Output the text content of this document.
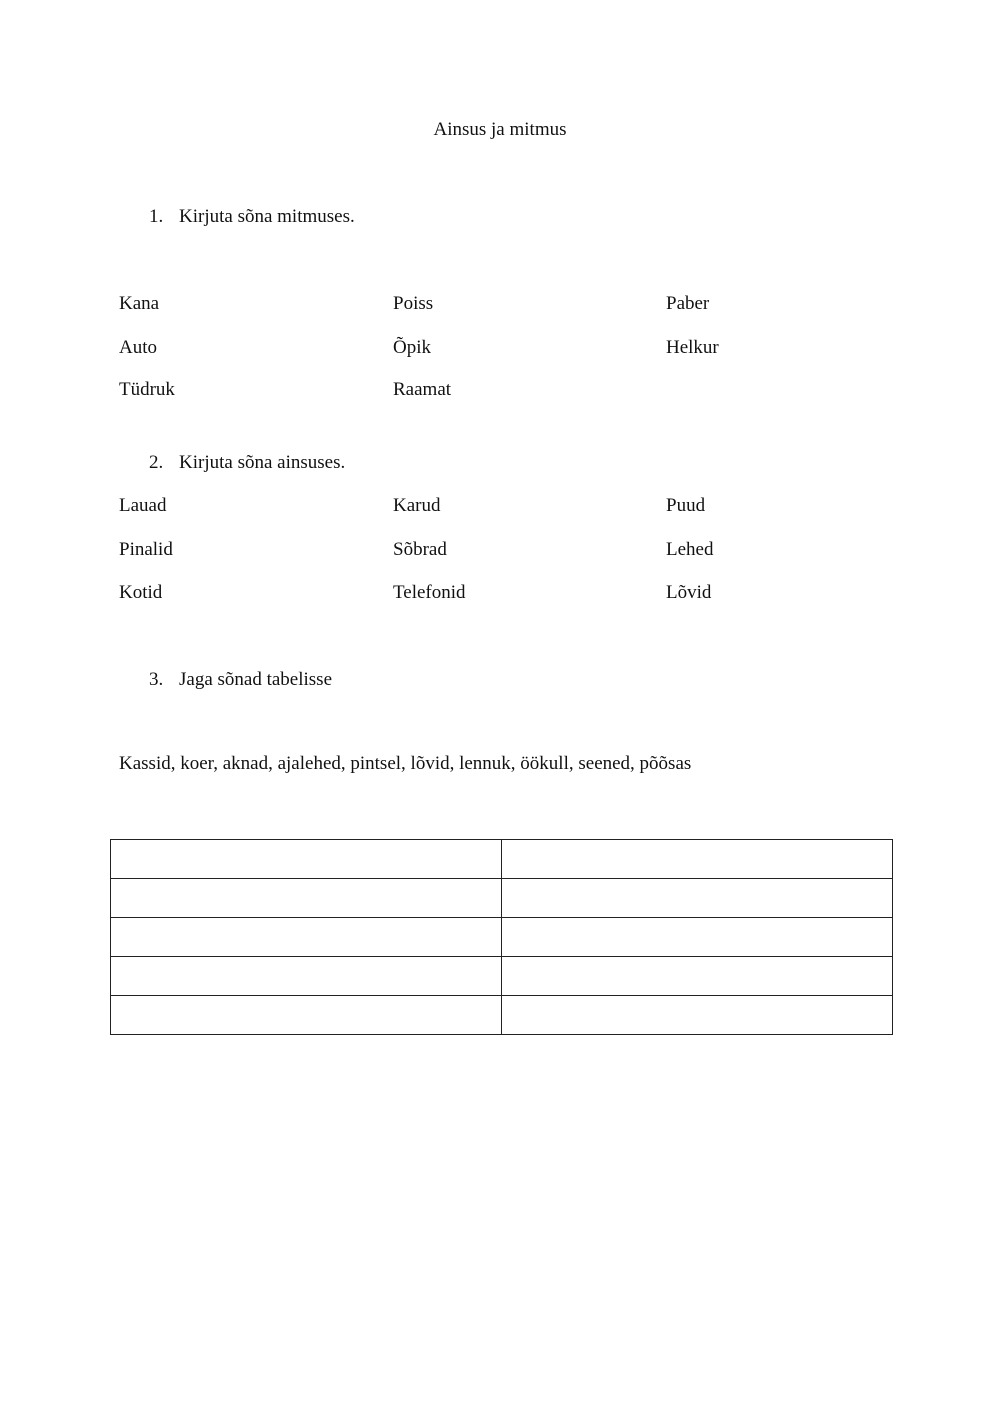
Ainsus ja mitmus
1. Kirjuta sõna mitmuses.
Kana	Poiss	Paber
Auto	Õpik	Helkur
Tüdruk	Raamat
2. Kirjuta sõna ainsuses.
Lauad	Karud	Puud
Pinalid	Sõbrad	Lehed
Kotid	Telefonid	Lõvid
3. Jaga sõnad tabelisse
Kassid, koer, aknad, ajalehed, pintsel, lõvid, lennuk, öökull, seened, põõsas
